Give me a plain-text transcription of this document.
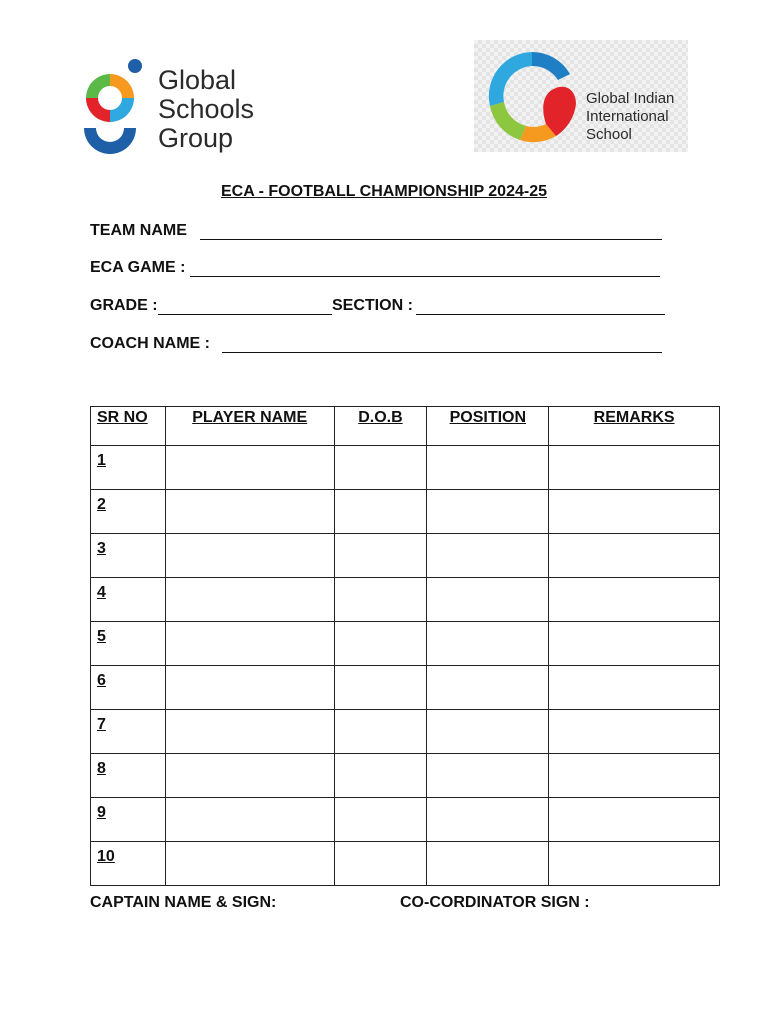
Global
Schools
Group
Global Indian
International
School
ECA - FOOTBALL CHAMPIONSHIP 2024-25
TEAM NAME
ECA GAME :
GRADE :	SECTION :
COACH NAME :
SR NO	PLAYER NAME	D.O.B	POSITION	REMARKS
1				
2				
3				
4				
5				
6				
7				
8				
9				
10				
CAPTAIN NAME & SIGN:	CO-CORDINATOR SIGN :
